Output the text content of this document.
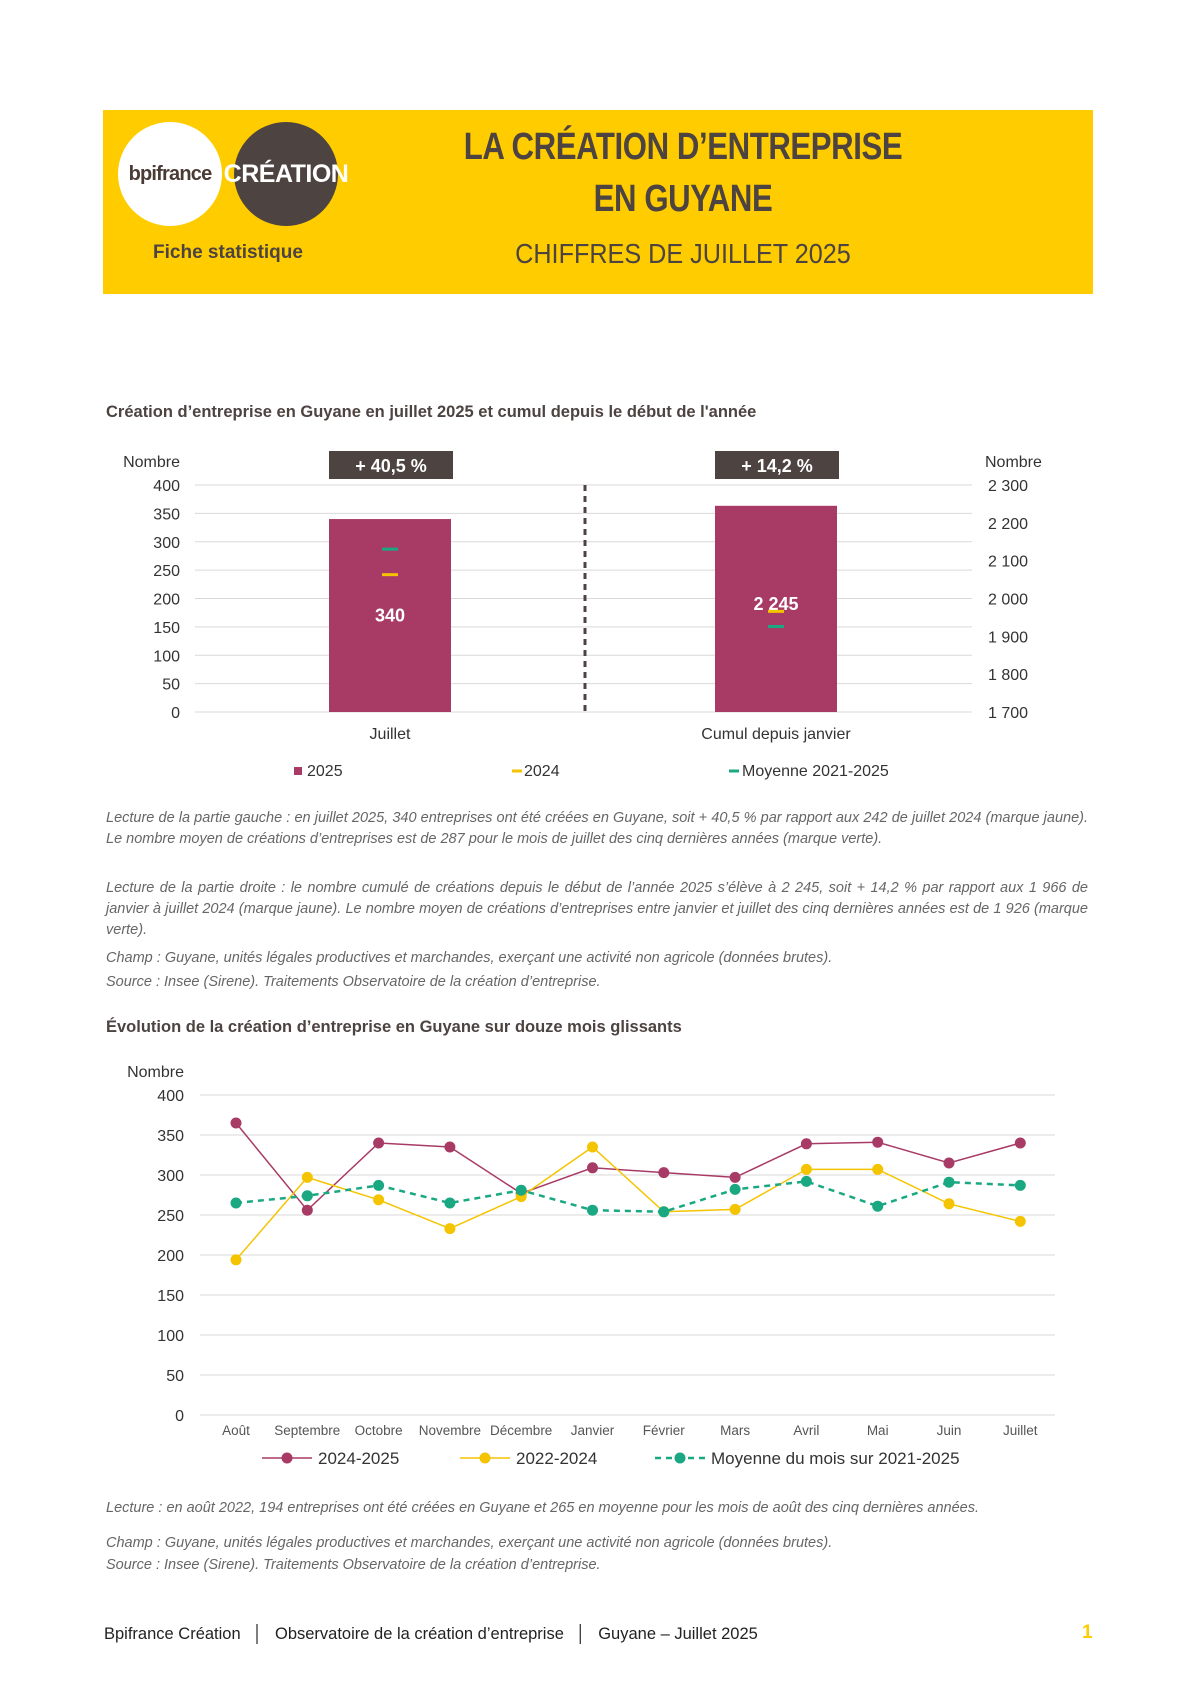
bpifrance CRÉATION
Fiche statistique
LA CRÉATION D’ENTREPRISE
EN GUYANE
CHIFFRES DE JUILLET 2025
Création d’entreprise en Guyane en juillet 2025 et cumul depuis le début de l'année
0
50
100
150
200
250
300
350
400
1 700
1 800
1 900
2 000
2 100
2 200
2 300
Nombre	Nombre
340
Juillet
+ 40,5 %
2 245
Cumul depuis janvier
+ 14,2 %
2025	2024	Moyenne 2021-2025

Lecture de la partie gauche : en juillet 2025, 340 entreprises ont été créées en Guyane, soit + 40,5 % par rapport aux 242 de juillet 2024 (marque jaune). Le nombre moyen de créations d’entreprises est de 287 pour le mois de juillet des cinq dernières années (marque verte).

Lecture de la partie droite : le nombre cumulé de créations depuis le début de l’année 2025 s’élève à 2 245, soit + 14,2 % par rapport aux 1 966 de janvier à juillet 2024 (marque jaune). Le nombre moyen de créations d’entreprises entre janvier et juillet des cinq dernières années est de 1 926 (marque verte).

Champ : Guyane, unités légales productives et marchandes, exerçant une activité non agricole (données brutes).

Source : Insee (Sirene). Traitements Observatoire de la création d’entreprise.

Évolution de la création d’entreprise en Guyane sur douze mois glissants
0
50
100
150
200
250
300
350
400
Nombre
Août Septembre Octobre Novembre Décembre Janvier Février	Mars	Avril	Mai	Juin	Juillet
2024-2025	2022-2024	Moyenne du mois sur 2021-2025

Lecture : en août 2022, 194 entreprises ont été créées en Guyane et 265 en moyenne pour les mois de août des cinq dernières années.

Champ : Guyane, unités légales productives et marchandes, exerçant une activité non agricole (données brutes).

Source : Insee (Sirene). Traitements Observatoire de la création d’entreprise.

Bpifrance Création │ Observatoire de la création d’entreprise │ Guyane – Juillet 2025	1
